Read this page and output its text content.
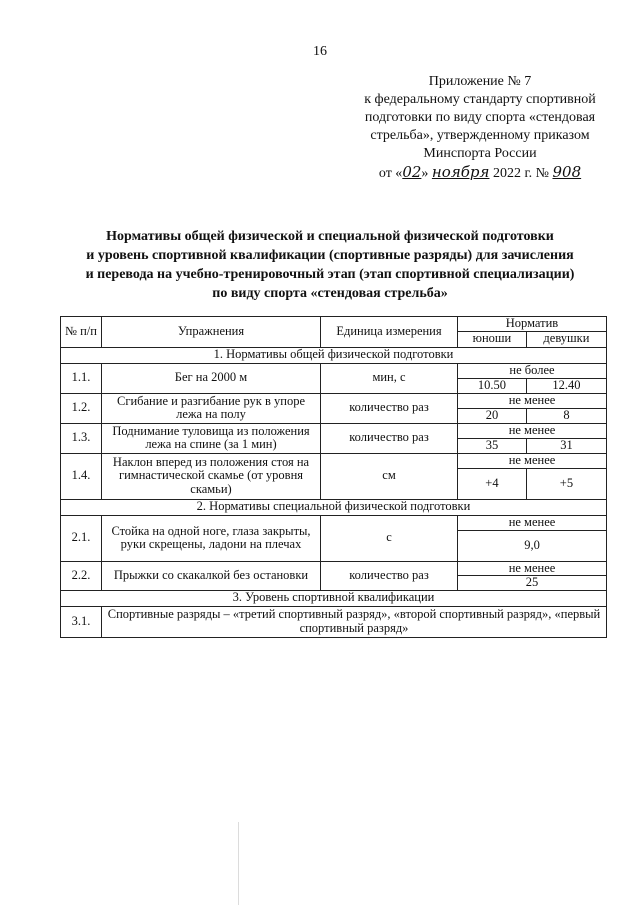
16
Приложение № 7
к федеральному стандарту спортивной
подготовки по виду спорта «стендовая
стрельба», утвержденному приказом
Минспорта России
от «02» ноября 2022 г. № 908
Нормативы общей физической и специальной физической подготовки
и уровень спортивной квалификации (спортивные разряды) для зачисления
и перевода на учебно-тренировочный этап (этап спортивной специализации)
по виду спорта «стендовая стрельба»
№ п/п	Упражнения	Единица измерения	Норматив	
			юноши	девушки
1. Нормативы общей физической подготовки				
1.1.	Бег на 2000 м	мин, с	не более	
			10.50	12.40
1.2.	Сгибание и разгибание рук в упоре лежа на полу	количество раз	не менее	
			20	8
1.3.	Поднимание туловища из положения лежа на спине (за 1 мин)	количество раз	не менее	
			35	31
1.4.	Наклон вперед из положения стоя на гимнастической скамье (от уровня скамьи)	см	не менее	
			+4	+5
2. Нормативы специальной физической подготовки				
2.1.	Стойка на одной ноге, глаза закрыты, руки скрещены, ладони на плечах	с	не менее	
			9,0	
2.2.	Прыжки со скакалкой без остановки	количество раз	не менее	
			25	
3. Уровень спортивной квалификации				
3.1.	Спортивные разряды – «третий спортивный разряд», «второй спортивный разряд», «первый спортивный разряд»			
